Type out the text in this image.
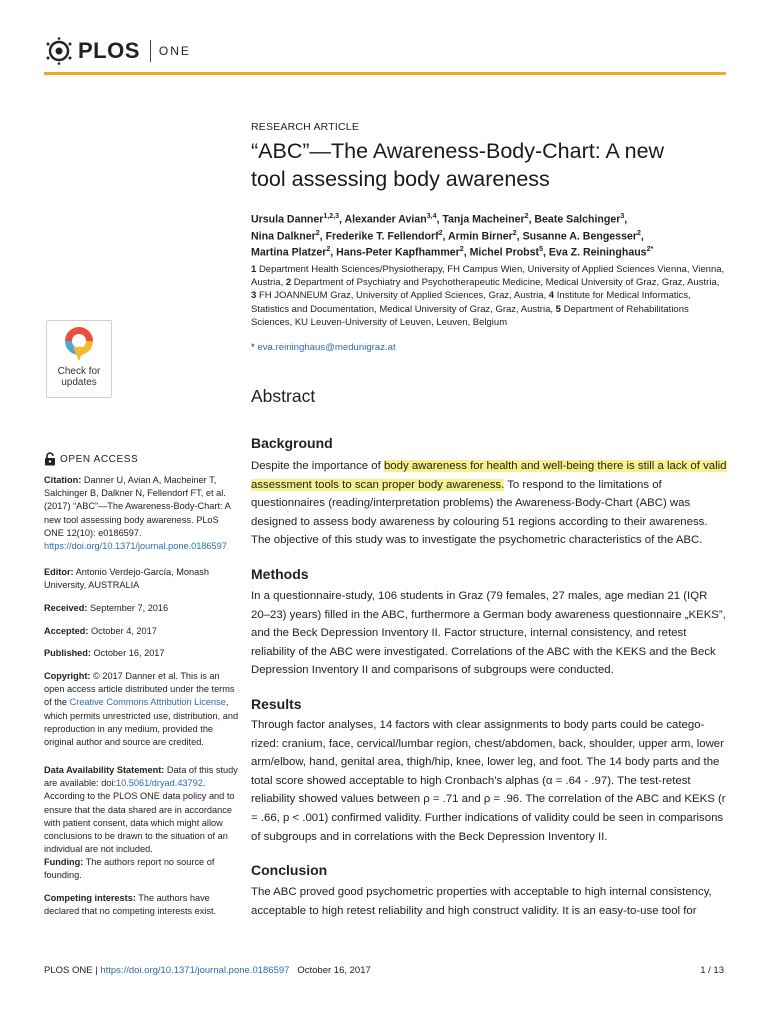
PLOS ONE
Check for
updates
OPEN ACCESS
Citation: Danner U, Avian A, Macheiner T, Salchinger B, Dalkner N, Fellendorf FT, et al. (2017) “ABC”—The Awareness-Body-Chart: A new tool assessing body awareness. PLoS ONE 12(10): e0186597. https://doi.org/10.1371/journal.pone.0186597
Editor: Antonio Verdejo-García, Monash University, AUSTRALIA
Received: September 7, 2016
Accepted: October 4, 2017
Published: October 16, 2017
Copyright: © 2017 Danner et al. This is an open access article distributed under the terms of the Creative Commons Attribution License, which permits unrestricted use, distribution, and reproduction in any medium, provided the original author and source are credited.
Data Availability Statement: Data of this study are available: doi:10.5061/dryad.43792. According to the PLOS ONE data policy and to ensure that the data shared are in accordance with patient consent, data which might allow conclusions to be drawn to the situation of an individual are not included.
Funding: The authors report no source of founding.
Competing interests: The authors have declared that no competing interests exist.
RESEARCH ARTICLE
“ABC”—The Awareness-Body-Chart: A new tool assessing body awareness
Ursula Danner$^{1,2,3}$, Alexander Avian$^{3,4}$, Tanja Macheiner$^2$, Beate Salchinger$^3$,
Nina Dalkner$^2$, Frederike T. Fellendorf$^2$, Armin Birner$^2$, Susanne A. Bengesser$^2$,
Martina Platzer$^2$, Hans-Peter Kapfhammer$^2$, Michel Probst$^5$, Eva Z. Reininghaus$^{2*}$
1 Department Health Sciences/Physiotherapy, FH Campus Wien, University of Applied Sciences Vienna, Vienna, Austria, 2 Department of Psychiatry and Psychotherapeutic Medicine, Medical University of Graz, Graz, Austria, 3 FH JOANNEUM Graz, University of Applied Sciences, Graz, Austria, 4 Institute for Medical Informatics, Statistics and Documentation, Medical University of Graz, Graz, Austria, 5 Department of Rehabilitations Sciences, KU Leuven-University of Leuven, Leuven, Belgium
* eva.reininghaus@medunigraz.at
Abstract
Background
Despite the importance of body awareness for health and well-being there is still a lack of valid assessment tools to scan proper body awareness. To respond to the limitations of questionnaires (reading/interpretation problems) the Awareness-Body-Chart (ABC) was designed to assess body awareness by colouring 51 regions according to their awareness. The objective of this study was to investigate the psychometric characteristics of the ABC.
Methods
In a questionnaire-study, 106 students in Graz (79 females, 27 males, age median 21 (IQR 20–23) years) filled in the ABC, furthermore a German body awareness questionnaire „KEKS”, and the Beck Depression Inventory II. Factor structure, internal consistency, and retest reliability of the ABC were investigated. Correlations of the ABC with the KEKS and the Beck Depression Inventory II and comparisons of subgroups were conducted.
Results
Through factor analyses, 14 factors with clear assignments to body parts could be catego-rized: cranium, face, cervical/lumbar region, chest/abdomen, back, shoulder, upper arm, lower arm/elbow, hand, genital area, thigh/hip, knee, lower leg, and foot. The 14 body parts and the total score showed acceptable to high Cronbach’s alphas (α = .64 - .97). The test-retest reliability showed values between ρ = .71 and ρ = .96. The correlation of the ABC and KEKS (r = .66, p < .001) confirmed validity. Further indications of validity could be seen in comparisons of subgroups and in correlations with the Beck Depression Inventory II.
Conclusion
The ABC proved good psychometric properties with acceptable to high internal consistency, acceptable to high retest reliability and high construct validity. It is an easy-to-use tool for
PLOS ONE | https://doi.org/10.1371/journal.pone.0186597 October 16, 2017	1 / 13
